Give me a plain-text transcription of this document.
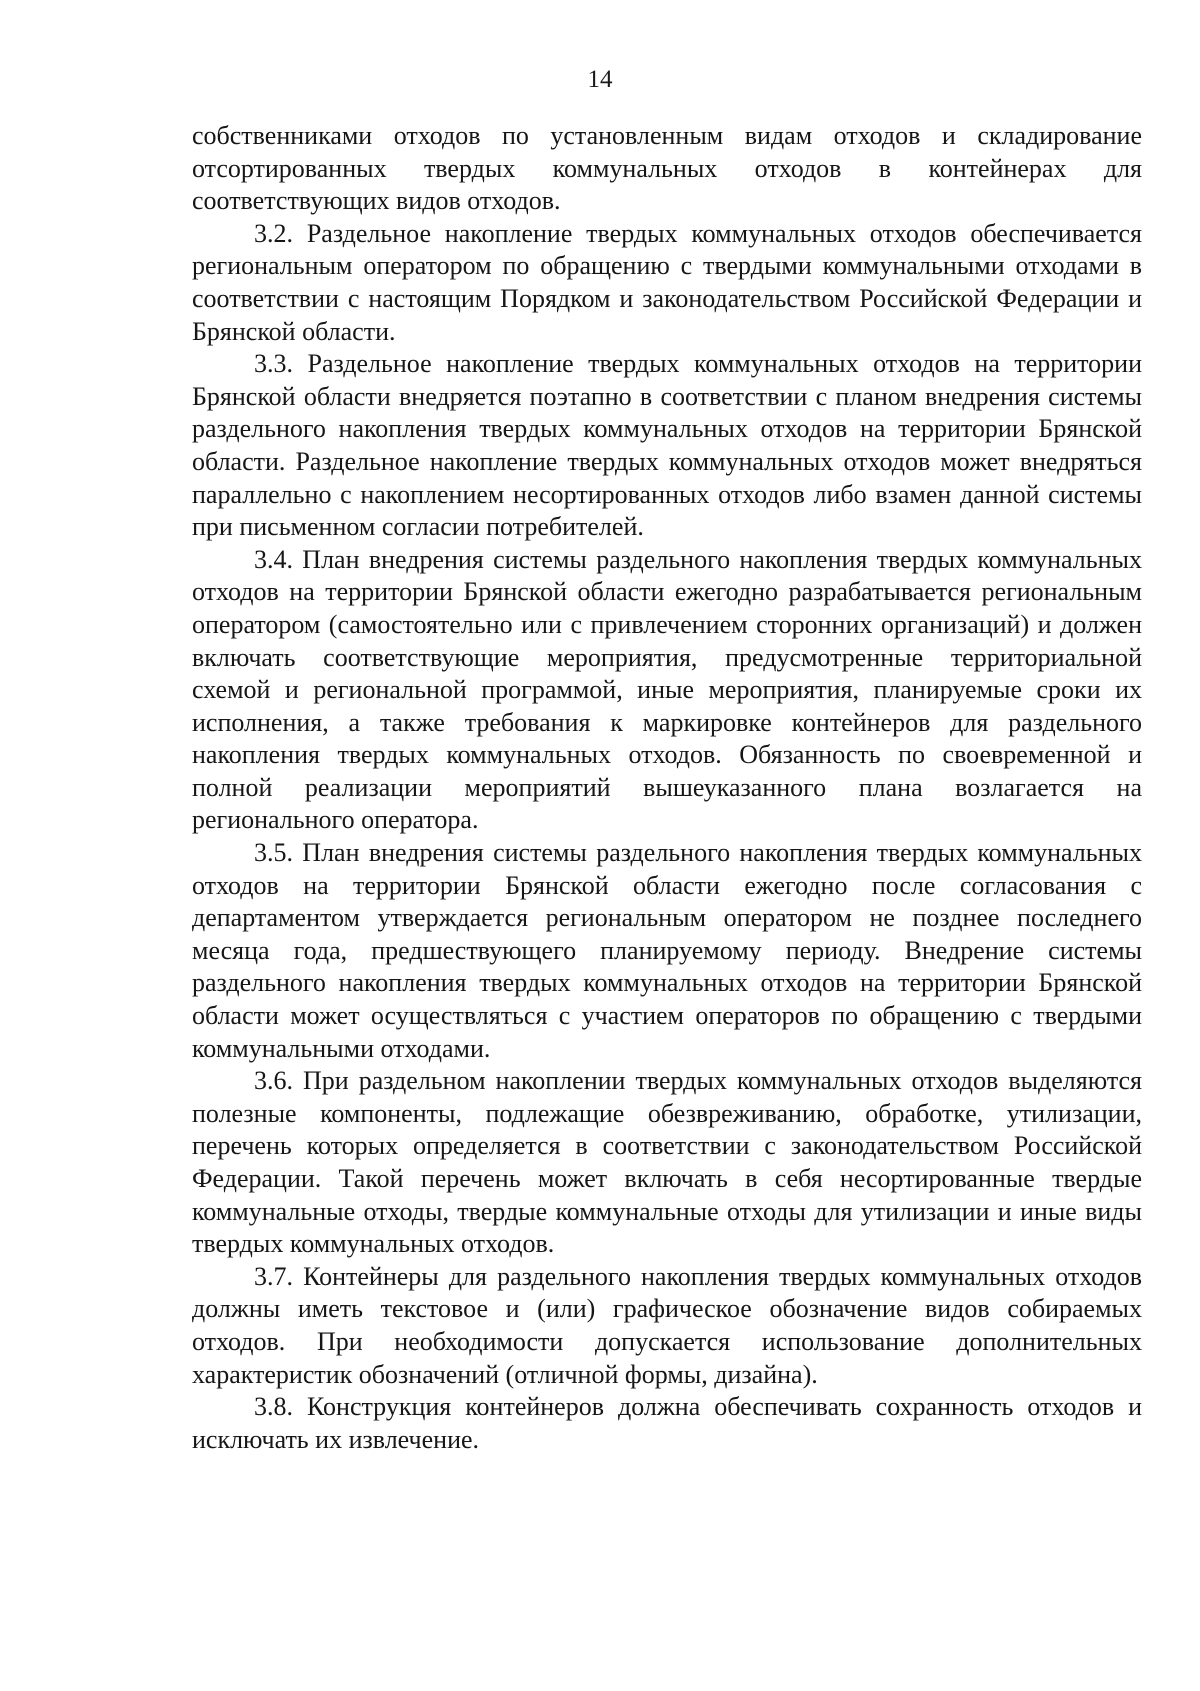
14

собственниками отходов по установленным видам отходов и складирование отсортированных твердых коммунальных отходов в контейнерах для соответствующих видов отходов.

3.2. Раздельное накопление твердых коммунальных отходов обеспечивается региональным оператором по обращению с твердыми коммунальными отходами в соответствии с настоящим Порядком и законодательством Российской Федерации и Брянской области.

3.3. Раздельное накопление твердых коммунальных отходов на территории Брянской области внедряется поэтапно в соответствии с планом внедрения системы раздельного накопления твердых коммунальных отходов на территории Брянской области. Раздельное накопление твердых коммунальных отходов может внедряться параллельно с накоплением несортированных отходов либо взамен данной системы при письменном согласии потребителей.

3.4. План внедрения системы раздельного накопления твердых коммунальных отходов на территории Брянской области ежегодно разрабатывается региональным оператором (самостоятельно или с привлечением сторонних организаций) и должен включать соответствующие мероприятия, предусмотренные территориальной схемой и региональной программой, иные мероприятия, планируемые сроки их исполнения, а также требования к маркировке контейнеров для раздельного накопления твердых коммунальных отходов. Обязанность по своевременной и полной реализации мероприятий вышеуказанного плана возлагается на регионального оператора.

3.5. План внедрения системы раздельного накопления твердых коммунальных отходов на территории Брянской области ежегодно после согласования с департаментом утверждается региональным оператором не позднее последнего месяца года, предшествующего планируемому периоду. Внедрение системы раздельного накопления твердых коммунальных отходов на территории Брянской области может осуществляться с участием операторов по обращению с твердыми коммунальными отходами.

3.6. При раздельном накоплении твердых коммунальных отходов выделяются полезные компоненты, подлежащие обезвреживанию, обработке, утилизации, перечень которых определяется в соответствии с законодательством Российской Федерации. Такой перечень может включать в себя несортированные твердые коммунальные отходы, твердые коммунальные отходы для утилизации и иные виды твердых коммунальных отходов.

3.7. Контейнеры для раздельного накопления твердых коммунальных отходов должны иметь текстовое и (или) графическое обозначение видов собираемых отходов. При необходимости допускается использование дополнительных характеристик обозначений (отличной формы, дизайна).

3.8. Конструкция контейнеров должна обеспечивать сохранность отходов и исключать их извлечение.
